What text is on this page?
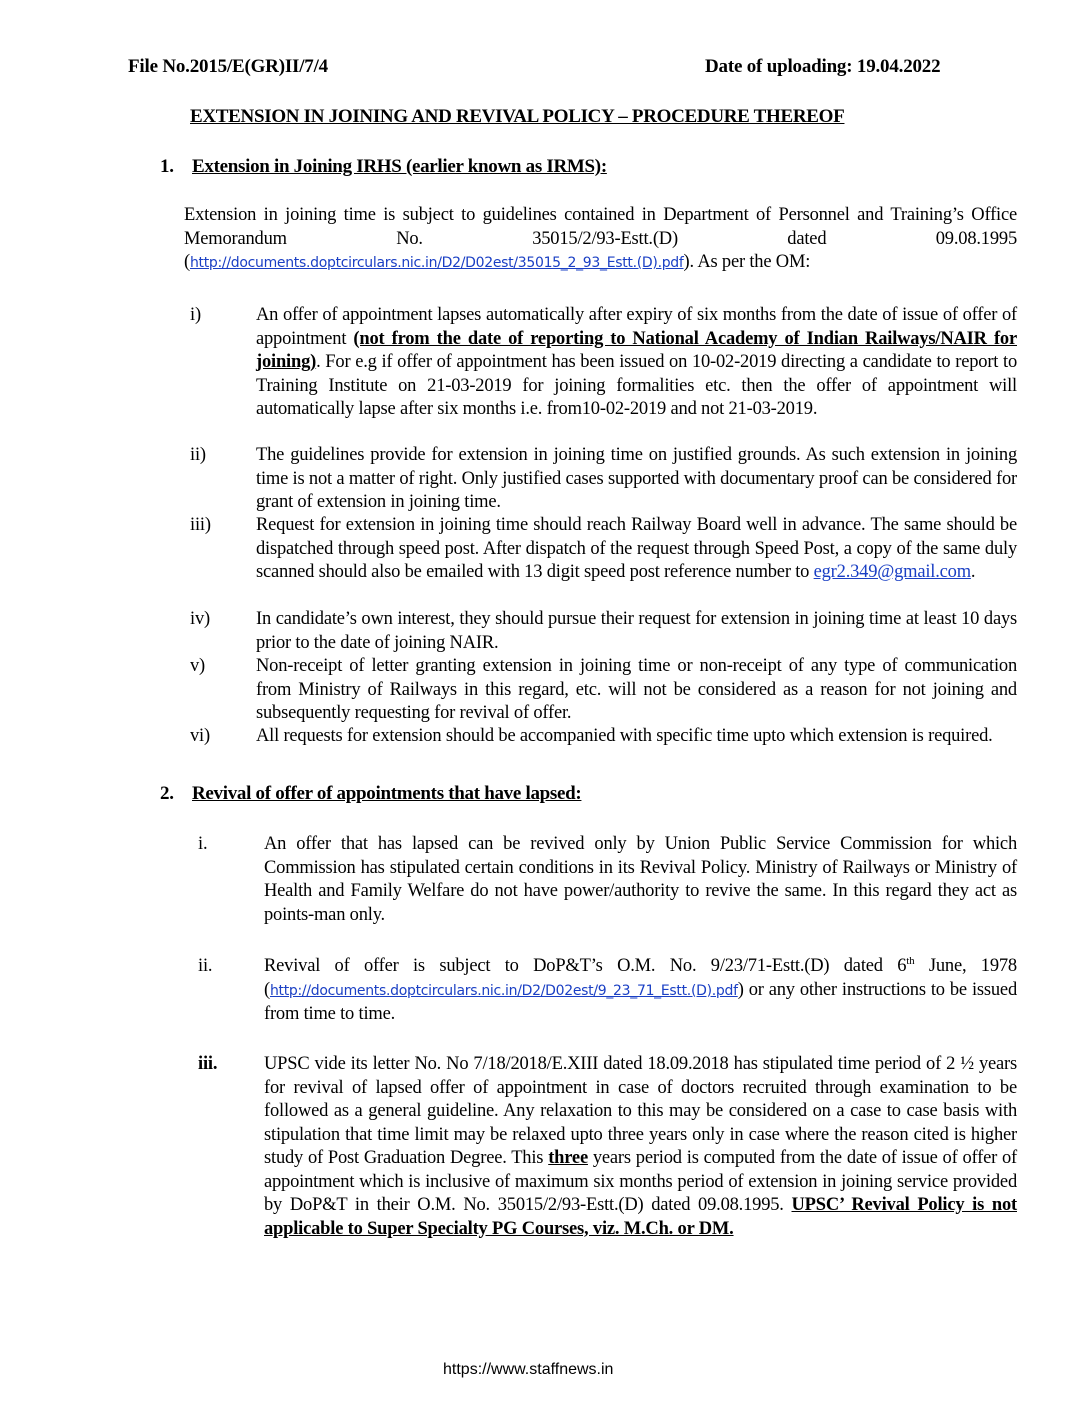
File No.2015/E(GR)II/7/4	Date of uploading: 19.04.2022
EXTENSION IN JOINING AND REVIVAL POLICY – PROCEDURE THEREOF
1. Extension in Joining IRHS (earlier known as IRMS):
Extension in joining time is subject to guidelines contained in Department of Personnel and Training’s Office Memorandum No. 35015/2/93-Estt.(D) dated 09.08.1995 (http://documents.doptcirculars.nic.in/D2/D02est/35015_2_93_Estt.(D).pdf). As per the OM:
i)	An offer of appointment lapses automatically after expiry of six months from the date of issue of offer of appointment (not from the date of reporting to National Academy of Indian Railways/NAIR for joining). For e.g if offer of appointment has been issued on 10-02-2019 directing a candidate to report to Training Institute on 21-03-2019 for joining formalities etc. then the offer of appointment will automatically lapse after six months i.e. from10-02-2019 and not 21-03-2019.
ii)	The guidelines provide for extension in joining time on justified grounds. As such extension in joining time is not a matter of right. Only justified cases supported with documentary proof can be considered for grant of extension in joining time.
iii) Request for extension in joining time should reach Railway Board well in advance. The same should be dispatched through speed post. After dispatch of the request through Speed Post, a copy of the same duly scanned should also be emailed with 13 digit speed post reference number to egr2.349@gmail.com.
iv) In candidate’s own interest, they should pursue their request for extension in joining time at least 10 days prior to the date of joining NAIR.
v)	Non-receipt of letter granting extension in joining time or non-receipt of any type of communication from Ministry of Railways in this regard, etc. will not be considered as a reason for not joining and subsequently requesting for revival of offer.
vi) All requests for extension should be accompanied with specific time upto which extension is required.
2. Revival of offer of appointments that have lapsed:
i.	An offer that has lapsed can be revived only by Union Public Service Commission for which Commission has stipulated certain conditions in its Revival Policy. Ministry of Railways or Ministry of Health and Family Welfare do not have power/authority to revive the same. In this regard they act as points-man only.
ii.	Revival of offer is subject to DoP&T’s O.M. No. 9/23/71-Estt.(D) dated 6th June, 1978 (http://documents.doptcirculars.nic.in/D2/D02est/9_23_71_Estt.(D).pdf) or any other instructions to be issued from time to time.
iii.	UPSC vide its letter No. No 7/18/2018/E.XIII dated 18.09.2018 has stipulated time period of 2 ½ years for revival of lapsed offer of appointment in case of doctors recruited through examination to be followed as a general guideline. Any relaxation to this may be considered on a case to case basis with stipulation that time limit may be relaxed upto three years only in case where the reason cited is higher study of Post Graduation Degree. This three years period is computed from the date of issue of offer of appointment which is inclusive of maximum six months period of extension in joining service provided by DoP&T in their O.M. No. 35015/2/93-Estt.(D) dated 09.08.1995. UPSC’ Revival Policy is not applicable to Super Specialty PG Courses, viz. M.Ch. or DM.
https://www.staffnews.in
